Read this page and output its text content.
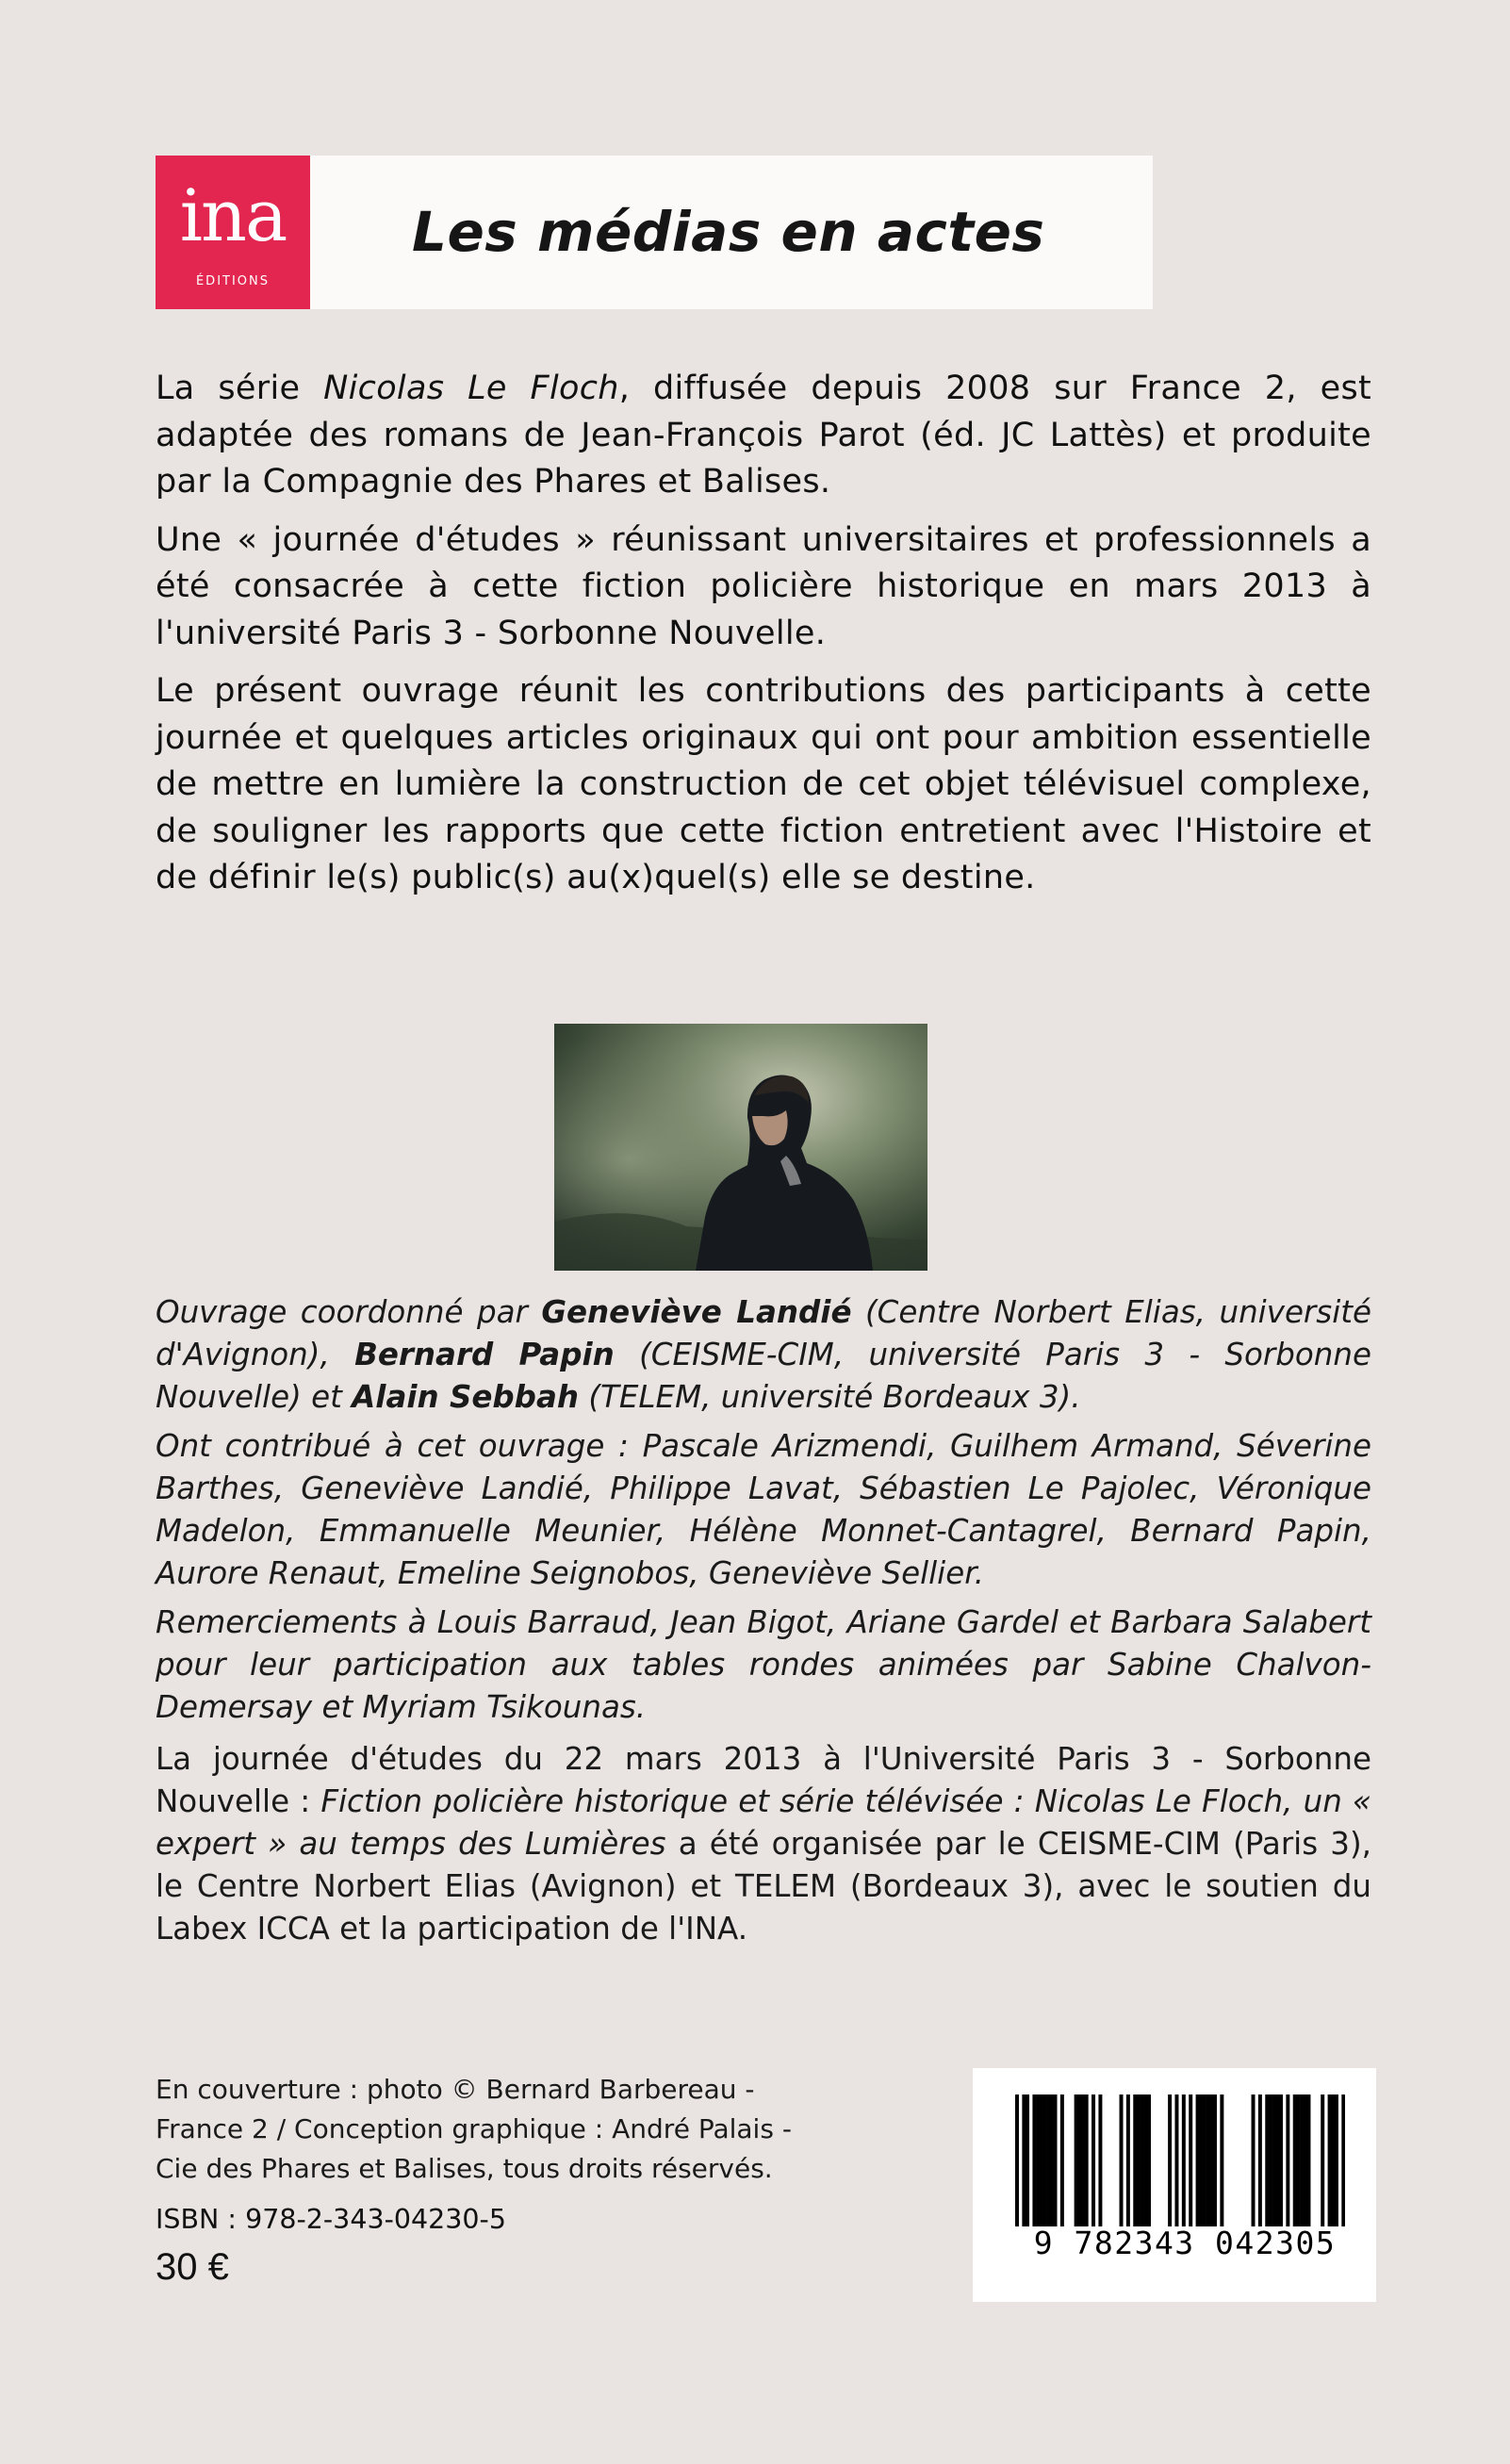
ina
ÉDITIONS
Les médias en actes

La série Nicolas Le Floch, diffusée depuis 2008 sur France 2, est adaptée des romans de Jean-François Parot (éd. JC Lattès) et produite par la Compagnie des Phares et Balises.

Une « journée d'études » réunissant universitaires et professionnels a été consacrée à cette fiction policière historique en mars 2013 à l'université Paris 3 - Sorbonne Nouvelle.

Le présent ouvrage réunit les contributions des participants à cette journée et quelques articles originaux qui ont pour ambition essentielle de mettre en lumière la construction de cet objet télévisuel complexe, de souligner les rapports que cette fiction entretient avec l'Histoire et de définir le(s) public(s) au(x)quel(s) elle se destine.

Ouvrage coordonné par Geneviève Landié (Centre Norbert Elias, université d'Avignon), Bernard Papin (CEISME-CIM, université Paris 3 - Sorbonne Nouvelle) et Alain Sebbah (TELEM, université Bordeaux 3).

Ont contribué à cet ouvrage : Pascale Arizmendi, Guilhem Armand, Séverine Barthes, Geneviève Landié, Philippe Lavat, Sébastien Le Pajolec, Véronique Madelon, Emmanuelle Meunier, Hélène Monnet-Cantagrel, Bernard Papin, Aurore Renaut, Emeline Seignobos, Geneviève Sellier.

Remerciements à Louis Barraud, Jean Bigot, Ariane Gardel et Barbara Salabert pour leur participation aux tables rondes animées par Sabine Chalvon-Demersay et Myriam Tsikounas.

La journée d'études du 22 mars 2013 à l'Université Paris 3 - Sorbonne Nouvelle : Fiction policière historique et série télévisée : Nicolas Le Floch, un « expert » au temps des Lumières a été organisée par le CEISME-CIM (Paris 3), le Centre Norbert Elias (Avignon) et TELEM (Bordeaux 3), avec le soutien du Labex ICCA et la participation de l'INA.

En couverture : photo © Bernard Barbereau -
France 2 / Conception graphique : André Palais -
Cie des Phares et Balises, tous droits réservés.
ISBN : 978-2-343-04230-5
30 €
9 782343 042305
